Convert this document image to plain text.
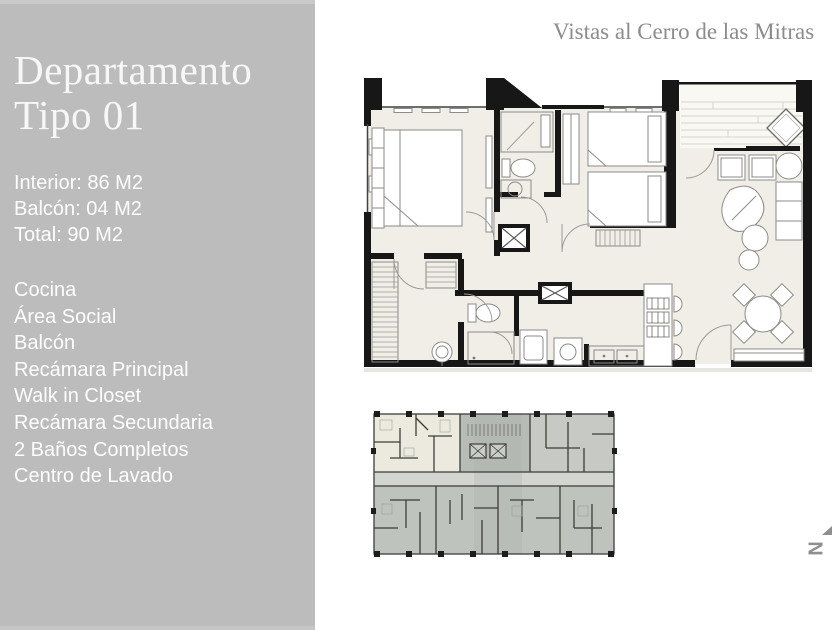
Departamento
Tipo 01
Interior: 86 M2
Balcón: 04 M2
Total: 90 M2
Cocina
Área Social
Balcón
Recámara Principal
Walk in Closet
Recámara Secundaria
2 Baños Completos
Centro de Lavado
Vistas al Cerro de las Mitras
N
